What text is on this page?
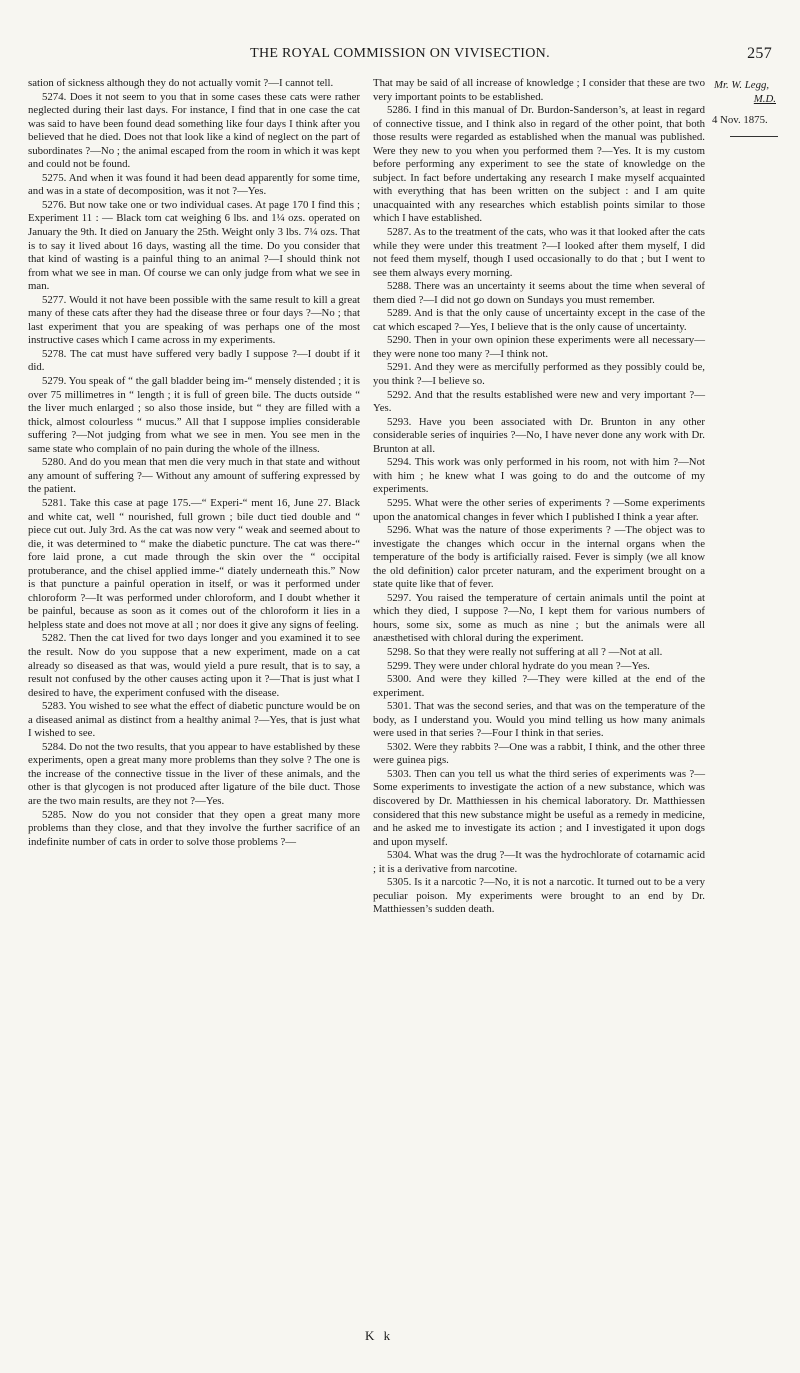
THE ROYAL COMMISSION ON VIVISECTION.	257

sation of sickness although they do not actually vomit ?—I cannot tell.

5274. Does it not seem to you that in some cases these cats were rather neglected during their last days. For instance, I find that in one case the cat was said to have been found dead something like four days I think after you believed that he died. Does not that look like a kind of neglect on the part of subordinates ?—No ; the animal escaped from the room in which it was kept and could not be found.

5275. And when it was found it had been dead apparently for some time, and was in a state of decomposition, was it not ?—Yes.

5276. But now take one or two individual cases. At page 170 I find this ; Experiment 11 : — Black tom cat weighing 6 lbs. and 1¼ ozs. operated on January the 9th. It died on January the 25th. Weight only 3 lbs. 7¼ ozs. That is to say it lived about 16 days, wasting all the time. Do you consider that that kind of wasting is a painful thing to an animal ?—I should think not from what we see in man. Of course we can only judge from what we see in man.

5277. Would it not have been possible with the same result to kill a great many of these cats after they had the disease three or four days ?—No ; that last experiment that you are speaking of was perhaps one of the most instructive cases which I came across in my experiments.

5278. The cat must have suffered very badly I suppose ?—I doubt if it did.

5279. You speak of “ the gall bladder being im-“ mensely distended ; it is over 75 millimetres in “ length ; it is full of green bile. The ducts outside “ the liver much enlarged ; so also those inside, but “ they are filled with a thick, almost colourless “ mucus.” All that I suppose implies considerable suffering ?—Not judging from what we see in men. You see men in the same state who complain of no pain during the whole of the illness.

5280. And do you mean that men die very much in that state and without any amount of suffering ?— Without any amount of suffering expressed by the patient.

5281. Take this case at page 175.—“ Experi-“ ment 16, June 27. Black and white cat, well “ nourished, full grown ; bile duct tied double and “ piece cut out. July 3rd. As the cat was now very “ weak and seemed about to die, it was determined to “ make the diabetic puncture. The cat was there-“ fore laid prone, a cut made through the skin over the “ occipital protuberance, and the chisel applied imme-“ diately underneath this.” Now is that puncture a painful operation in itself, or was it performed under chloroform ?—It was performed under chloroform, and I doubt whether it be painful, because as soon as it comes out of the chloroform it lies in a helpless state and does not move at all ; nor does it give any signs of feeling.

5282. Then the cat lived for two days longer and you examined it to see the result. Now do you suppose that a new experiment, made on a cat already so diseased as that was, would yield a pure result, that is to say, a result not confused by the other causes acting upon it ?—That is just what I desired to have, the experiment confused with the disease.

5283. You wished to see what the effect of diabetic puncture would be on a diseased animal as distinct from a healthy animal ?—Yes, that is just what I wished to see.

5284. Do not the two results, that you appear to have established by these experiments, open a great many more problems than they solve ? The one is the increase of the connective tissue in the liver of these animals, and the other is that glycogen is not produced after ligature of the bile duct. Those are the two main results, are they not ?—Yes.

5285. Now do you not consider that they open a great many more problems than they close, and that they involve the further sacrifice of an indefinite number of cats in order to solve those problems ?—

That may be said of all increase of knowledge ; I consider that these are two very important points to be established.

5286. I find in this manual of Dr. Burdon-Sanderson’s, at least in regard of connective tissue, and I think also in regard of the other point, that both those results were regarded as established when the manual was published. Were they new to you when you performed them ?—Yes. It is my custom before performing any experiment to see the state of knowledge on the subject. In fact before undertaking any research I make myself acquainted with everything that has been written on the subject : and I am quite unacquainted with any researches which establish points similar to those which I have established.

5287. As to the treatment of the cats, who was it that looked after the cats while they were under this treatment ?—I looked after them myself, I did not feed them myself, though I used occasionally to do that ; but I went to see them always every morning.

5288. There was an uncertainty it seems about the time when several of them died ?—I did not go down on Sundays you must remember.

5289. And is that the only cause of uncertainty except in the case of the cat which escaped ?—Yes, I believe that is the only cause of uncertainty.

5290. Then in your own opinion these experiments were all necessary—they were none too many ?—I think not.

5291. And they were as mercifully performed as they possibly could be, you think ?—I believe so.

5292. And that the results established were new and very important ?—Yes.

5293. Have you been associated with Dr. Brunton in any other considerable series of inquiries ?—No, I have never done any work with Dr. Brunton at all.

5294. This work was only performed in his room, not with him ?—Not with him ; he knew what I was going to do and the outcome of my experiments.

5295. What were the other series of experiments ? —Some experiments upon the anatomical changes in fever which I published I think a year after.

5296. What was the nature of those experiments ? —The object was to investigate the changes which occur in the internal organs when the temperature of the body is artificially raised. Fever is simply (we all know the old definition) calor prceter naturam, and the experiment brought on a state quite like that of fever.

5297. You raised the temperature of certain animals until the point at which they died, I suppose ?—No, I kept them for various numbers of hours, some six, some as much as nine ; but the animals were all anæsthetised with chloral during the experiment.

5298. So that they were really not suffering at all ? —Not at all.

5299. They were under chloral hydrate do you mean ?—Yes.

5300. And were they killed ?—They were killed at the end of the experiment.

5301. That was the second series, and that was on the temperature of the body, as I understand you. Would you mind telling us how many animals were used in that series ?—Four I think in that series.

5302. Were they rabbits ?—One was a rabbit, I think, and the other three were guinea pigs.

5303. Then can you tell us what the third series of experiments was ?—Some experiments to investigate the action of a new substance, which was discovered by Dr. Matthiessen in his chemical laboratory. Dr. Matthiessen considered that this new substance might be useful as a remedy in medicine, and he asked me to investigate its action ; and I investigated it upon dogs and upon myself.

5304. What was the drug ?—It was the hydrochlorate of cotarnamic acid ; it is a derivative from narcotine.

5305. Is it a narcotic ?—No, it is not a narcotic. It turned out to be a very peculiar poison. My experiments were brought to an end by Dr. Matthiessen’s sudden death.

Mr. W. Legg,
M.D.
4 Nov. 1875.
K k
